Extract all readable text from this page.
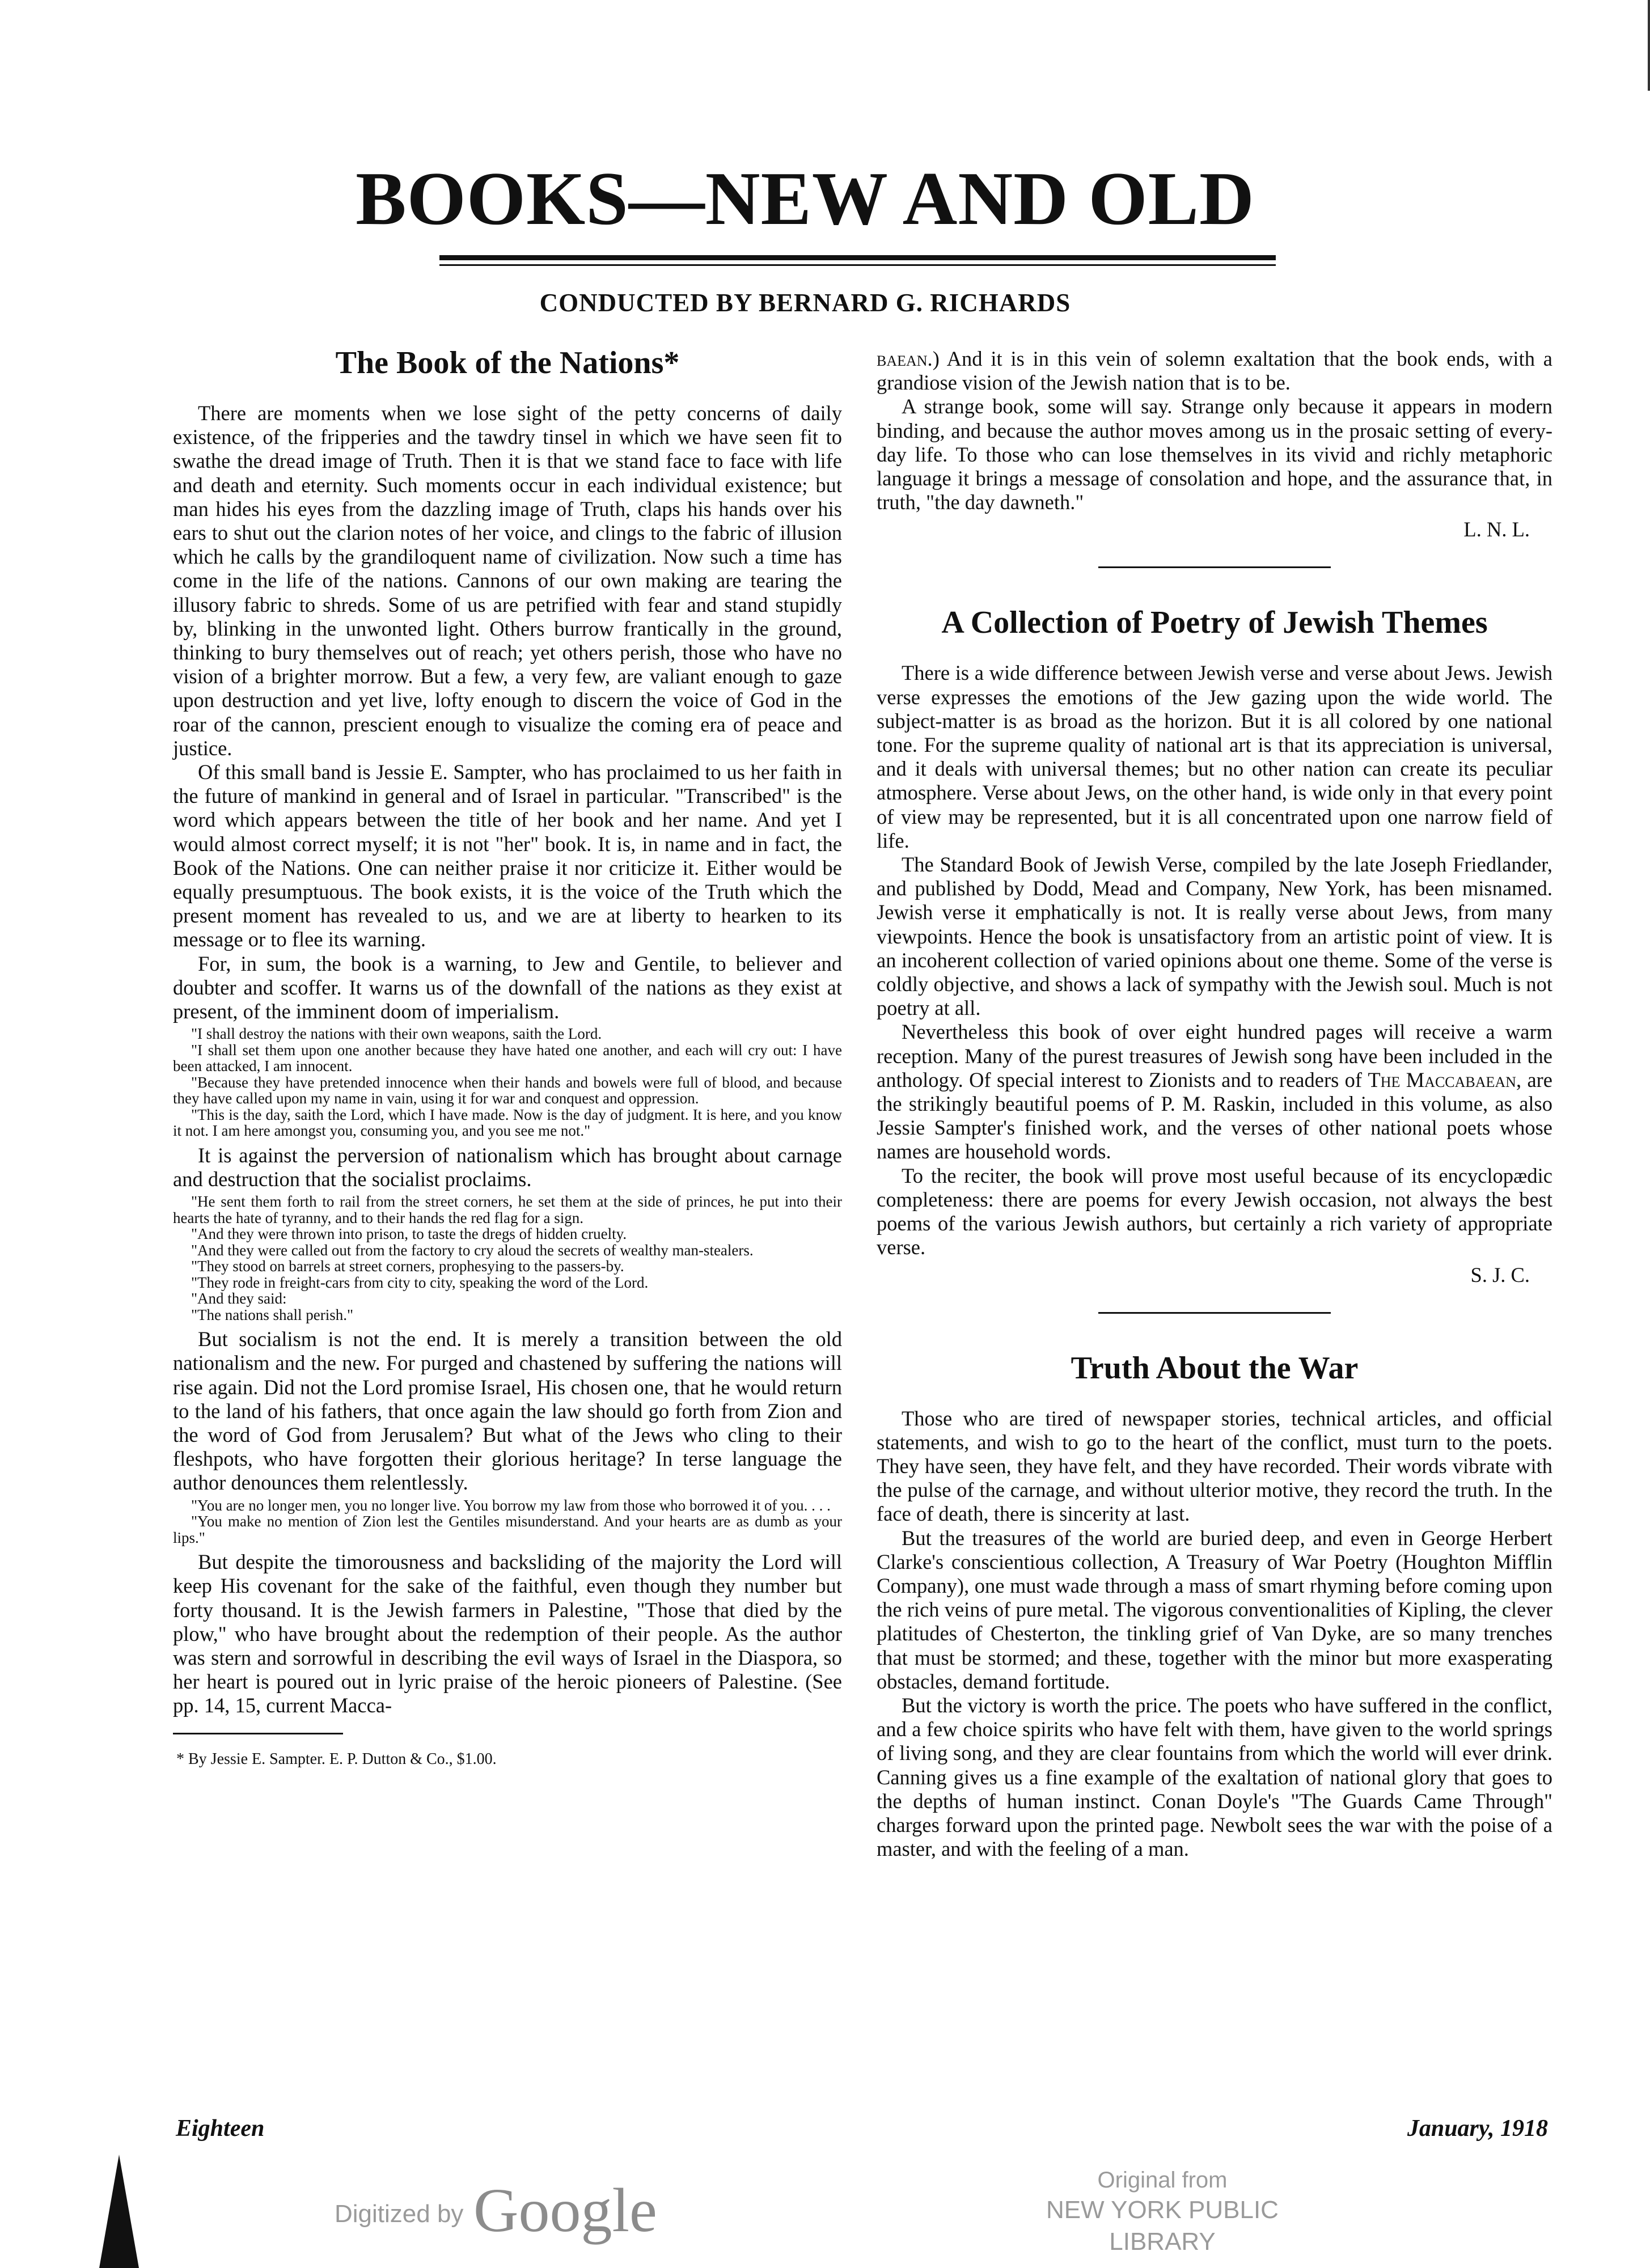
BOOKS—NEW AND OLD
CONDUCTED BY BERNARD G. RICHARDS
The Book of the Nations*

There are moments when we lose sight of the petty concerns of daily existence, of the fripperies and the tawdry tinsel in which we have seen fit to swathe the dread image of Truth. Then it is that we stand face to face with life and death and eternity. Such moments occur in each individual existence; but man hides his eyes from the dazzling image of Truth, claps his hands over his ears to shut out the clarion notes of her voice, and clings to the fabric of illusion which he calls by the grandiloquent name of civilization. Now such a time has come in the life of the nations. Cannons of our own making are tearing the illusory fabric to shreds. Some of us are petrified with fear and stand stupidly by, blinking in the unwonted light. Others burrow frantically in the ground, thinking to bury themselves out of reach; yet others perish, those who have no vision of a brighter morrow. But a few, a very few, are valiant enough to gaze upon destruction and yet live, lofty enough to discern the voice of God in the roar of the cannon, prescient enough to visualize the coming era of peace and justice.

Of this small band is Jessie E. Sampter, who has proclaimed to us her faith in the future of mankind in general and of Israel in particular. "Transcribed" is the word which appears between the title of her book and her name. And yet I would almost correct myself; it is not "her" book. It is, in name and in fact, the Book of the Nations. One can neither praise it nor criticize it. Either would be equally presumptuous. The book exists, it is the voice of the Truth which the present moment has revealed to us, and we are at liberty to hearken to its message or to flee its warning.

For, in sum, the book is a warning, to Jew and Gentile, to believer and doubter and scoffer. It warns us of the downfall of the nations as they exist at present, of the imminent doom of imperialism.

"I shall destroy the nations with their own weapons, saith the Lord.
"I shall set them upon one another because they have hated one another, and each will cry out: I have been attacked, I am innocent.
"Because they have pretended innocence when their hands and bowels were full of blood, and because they have called upon my name in vain, using it for war and conquest and oppression.
"This is the day, saith the Lord, which I have made. Now is the day of judgment. It is here, and you know it not. I am here amongst you, consuming you, and you see me not."

It is against the perversion of nationalism which has brought about carnage and destruction that the socialist proclaims.

"He sent them forth to rail from the street corners, he set them at the side of princes, he put into their hearts the hate of tyranny, and to their hands the red flag for a sign.
"And they were thrown into prison, to taste the dregs of hidden cruelty.
"And they were called out from the factory to cry aloud the secrets of wealthy man-stealers.
"They stood on barrels at street corners, prophesying to the passers-by.
"They rode in freight-cars from city to city, speaking the word of the Lord.
"And they said:
"The nations shall perish."

But socialism is not the end. It is merely a transition between the old nationalism and the new. For purged and chastened by suffering the nations will rise again. Did not the Lord promise Israel, His chosen one, that he would return to the land of his fathers, that once again the law should go forth from Zion and the word of God from Jerusalem? But what of the Jews who cling to their fleshpots, who have forgotten their glorious heritage? In terse language the author denounces them relentlessly.

"You are no longer men, you no longer live. You borrow my law from those who borrowed it of you. . . .
"You make no mention of Zion lest the Gentiles misunderstand. And your hearts are as dumb as your lips."

But despite the timorousness and backsliding of the majority the Lord will keep His covenant for the sake of the faithful, even though they number but forty thousand. It is the Jewish farmers in Palestine, "Those that died by the plow," who have brought about the redemption of their people. As the author was stern and sorrowful in describing the evil ways of Israel in the Diaspora, so her heart is poured out in lyric praise of the heroic pioneers of Palestine. (See pp. 14, 15, current Macca-

* By Jessie E. Sampter. E. P. Dutton & Co., $1.00.

baean.) And it is in this vein of solemn exaltation that the book ends, with a grandiose vision of the Jewish nation that is to be.

A strange book, some will say. Strange only because it appears in modern binding, and because the author moves among us in the prosaic setting of every-day life. To those who can lose themselves in its vivid and richly metaphoric language it brings a message of consolation and hope, and the assurance that, in truth, "the day dawneth."

L. N. L.
A Collection of Poetry of Jewish Themes

There is a wide difference between Jewish verse and verse about Jews. Jewish verse expresses the emotions of the Jew gazing upon the wide world. The subject-matter is as broad as the horizon. But it is all colored by one national tone. For the supreme quality of national art is that its appreciation is universal, and it deals with universal themes; but no other nation can create its peculiar atmosphere. Verse about Jews, on the other hand, is wide only in that every point of view may be represented, but it is all concentrated upon one narrow field of life.

The Standard Book of Jewish Verse, compiled by the late Joseph Friedlander, and published by Dodd, Mead and Company, New York, has been misnamed. Jewish verse it emphatically is not. It is really verse about Jews, from many viewpoints. Hence the book is unsatisfactory from an artistic point of view. It is an incoherent collection of varied opinions about one theme. Some of the verse is coldly objective, and shows a lack of sympathy with the Jewish soul. Much is not poetry at all.

Nevertheless this book of over eight hundred pages will receive a warm reception. Many of the purest treasures of Jewish song have been included in the anthology. Of special interest to Zionists and to readers of The Maccabaean, are the strikingly beautiful poems of P. M. Raskin, included in this volume, as also Jessie Sampter's finished work, and the verses of other national poets whose names are household words.

To the reciter, the book will prove most useful because of its encyclopædic completeness: there are poems for every Jewish occasion, not always the best poems of the various Jewish authors, but certainly a rich variety of appropriate verse.

S. J. C.
Truth About the War

Those who are tired of newspaper stories, technical articles, and official statements, and wish to go to the heart of the conflict, must turn to the poets. They have seen, they have felt, and they have recorded. Their words vibrate with the pulse of the carnage, and without ulterior motive, they record the truth. In the face of death, there is sincerity at last.

But the treasures of the world are buried deep, and even in George Herbert Clarke's conscientious collection, A Treasury of War Poetry (Houghton Mifflin Company), one must wade through a mass of smart rhyming before coming upon the rich veins of pure metal. The vigorous conventionalities of Kipling, the clever platitudes of Chesterton, the tinkling grief of Van Dyke, are so many trenches that must be stormed; and these, together with the minor but more exasperating obstacles, demand fortitude.

But the victory is worth the price. The poets who have suffered in the conflict, and a few choice spirits who have felt with them, have given to the world springs of living song, and they are clear fountains from which the world will ever drink. Canning gives us a fine example of the exaltation of national glory that goes to the depths of human instinct. Conan Doyle's "The Guards Came Through" charges forward upon the printed page. Newbolt sees the war with the poise of a master, and with the feeling of a man.

Eighteen	January, 1918
Digitized by Google	Original from
NEW YORK PUBLIC LIBRARY
